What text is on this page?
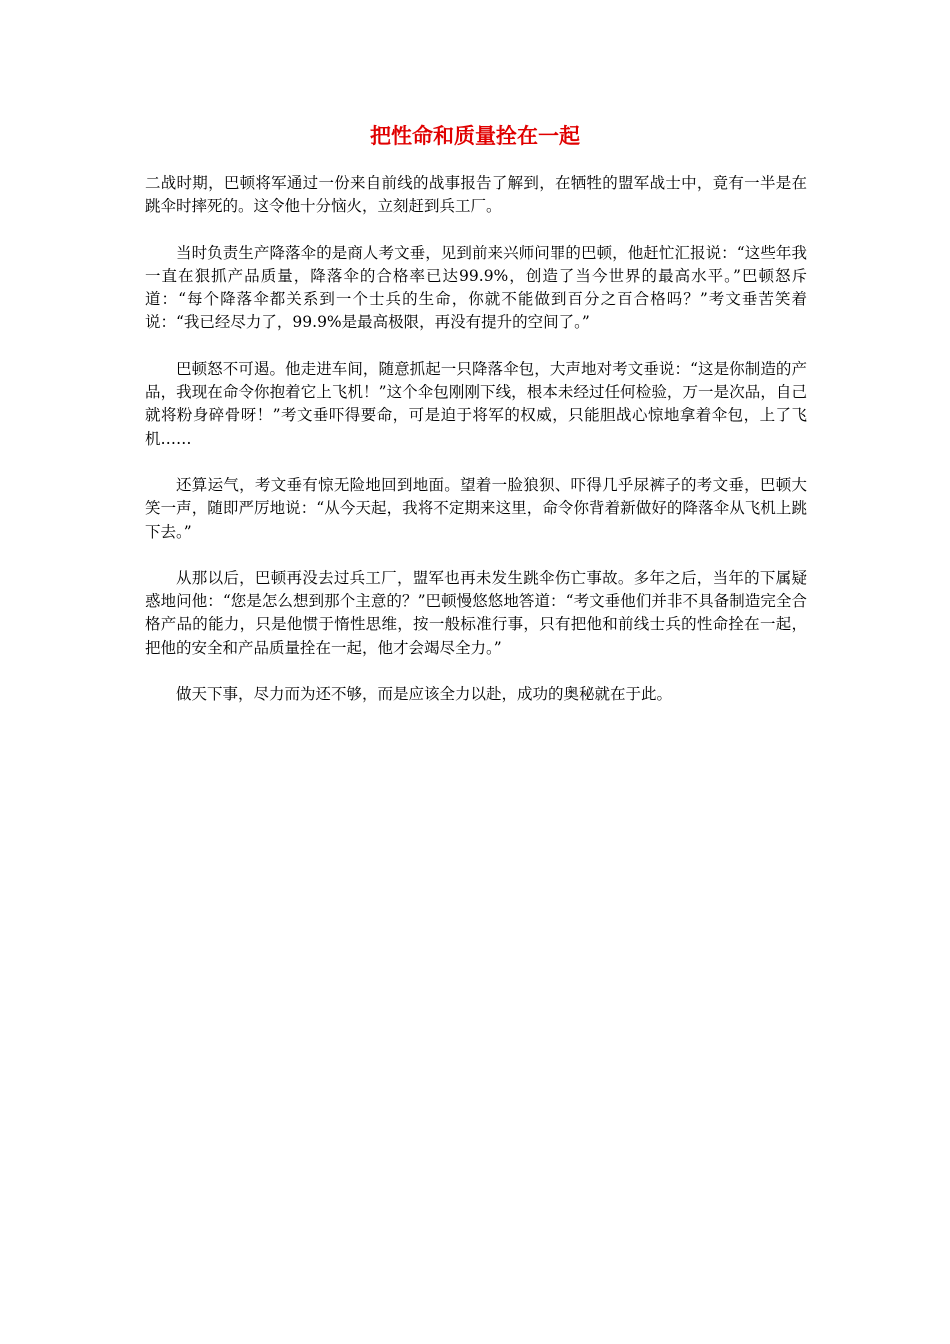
把性命和质量拴在一起

二战时期，巴顿将军通过一份来自前线的战事报告了解到，在牺牲的盟军战士中，竟有一半是在跳伞时摔死的。这令他十分恼火，立刻赶到兵工厂。

当时负责生产降落伞的是商人考文垂，见到前来兴师问罪的巴顿，他赶忙汇报说：“这些年我一直在狠抓产品质量，降落伞的合格率已达99.9%，创造了当今世界的最高水平。”巴顿怒斥道：“每个降落伞都关系到一个士兵的生命，你就不能做到百分之百合格吗？”考文垂苦笑着说：“我已经尽力了，99.9%是最高极限，再没有提升的空间了。”

巴顿怒不可遏。他走进车间，随意抓起一只降落伞包，大声地对考文垂说：“这是你制造的产品，我现在命令你抱着它上飞机！”这个伞包刚刚下线，根本未经过任何检验，万一是次品，自己就将粉身碎骨呀！”考文垂吓得要命，可是迫于将军的权威，只能胆战心惊地拿着伞包，上了飞机……

还算运气，考文垂有惊无险地回到地面。望着一脸狼狈、吓得几乎尿裤子的考文垂，巴顿大笑一声，随即严厉地说：“从今天起，我将不定期来这里，命令你背着新做好的降落伞从飞机上跳下去。”

从那以后，巴顿再没去过兵工厂，盟军也再未发生跳伞伤亡事故。多年之后，当年的下属疑惑地问他：“您是怎么想到那个主意的？”巴顿慢悠悠地答道：“考文垂他们并非不具备制造完全合格产品的能力，只是他惯于惰性思维，按一般标准行事，只有把他和前线士兵的性命拴在一起，把他的安全和产品质量拴在一起，他才会竭尽全力。”

做天下事，尽力而为还不够，而是应该全力以赴，成功的奥秘就在于此。
